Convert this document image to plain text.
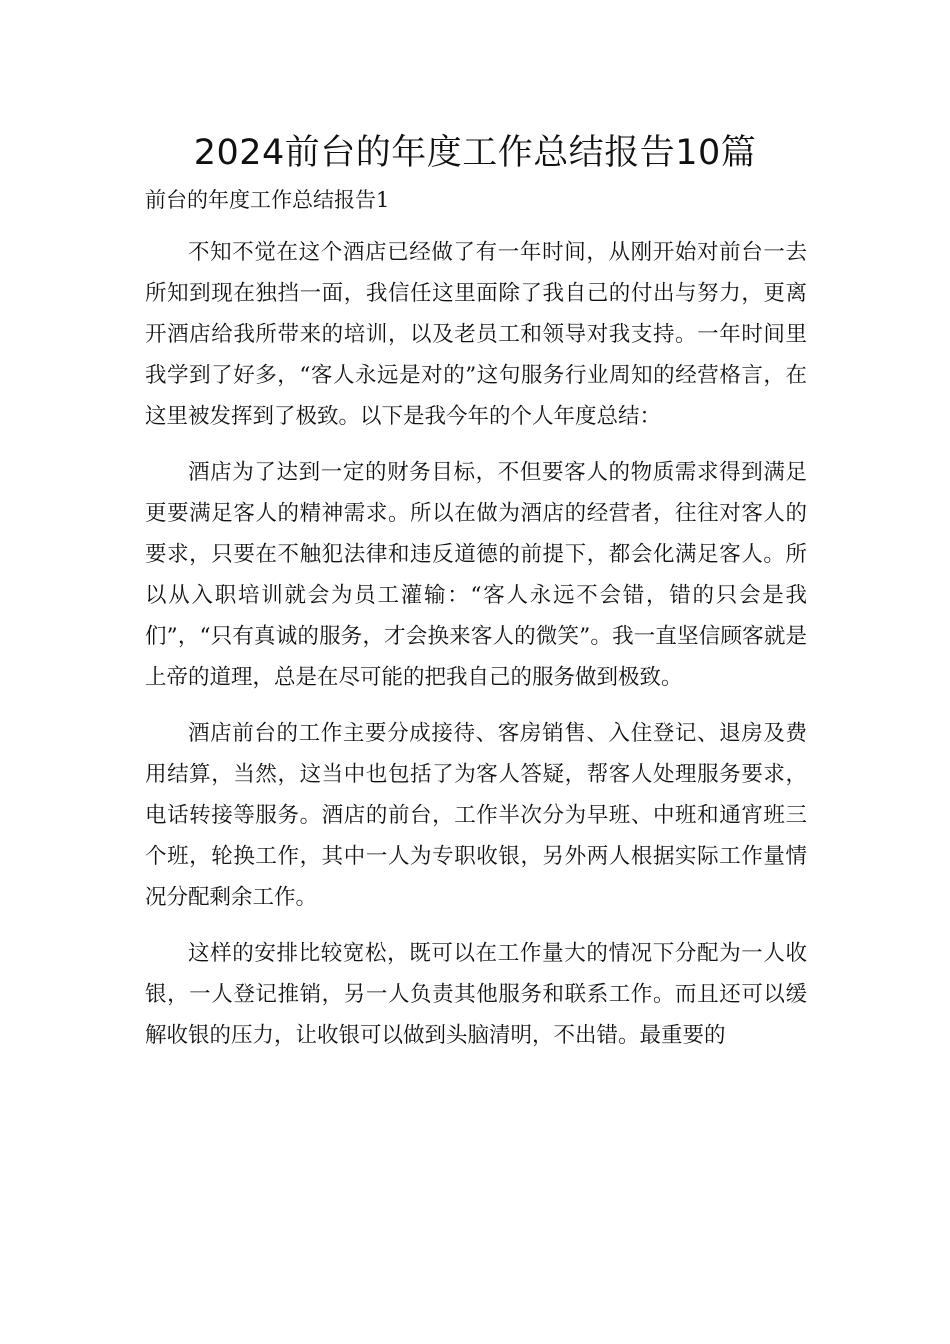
2024前台的年度工作总结报告10篇
前台的年度工作总结报告1

不知不觉在这个酒店已经做了有一年时间，从刚开始对前台一去所知到现在独挡一面，我信任这里面除了我自己的付出与努力，更离开酒店给我所带来的培训，以及老员工和领导对我支持。一年时间里我学到了好多，“客人永远是对的”这句服务行业周知的经营格言，在这里被发挥到了极致。以下是我今年的个人年度总结：

酒店为了达到一定的财务目标，不但要客人的物质需求得到满足更要满足客人的精神需求。所以在做为酒店的经营者，往往对客人的要求，只要在不触犯法律和违反道德的前提下，都会化满足客人。所以从入职培训就会为员工灌输：“客人永远不会错，错的只会是我们”，“只有真诚的服务，才会换来客人的微笑”。我一直坚信顾客就是上帝的道理，总是在尽可能的把我自己的服务做到极致。

酒店前台的工作主要分成接待、客房销售、入住登记、退房及费用结算，当然，这当中也包括了为客人答疑，帮客人处理服务要求，电话转接等服务。酒店的前台，工作半次分为早班、中班和通宵班三个班，轮换工作，其中一人为专职收银，另外两人根据实际工作量情况分配剩余工作。

这样的安排比较宽松，既可以在工作量大的情况下分配为一人收银，一人登记推销，另一人负责其他服务和联系工作。而且还可以缓解收银的压力，让收银可以做到头脑清明，不出错。最重要的
